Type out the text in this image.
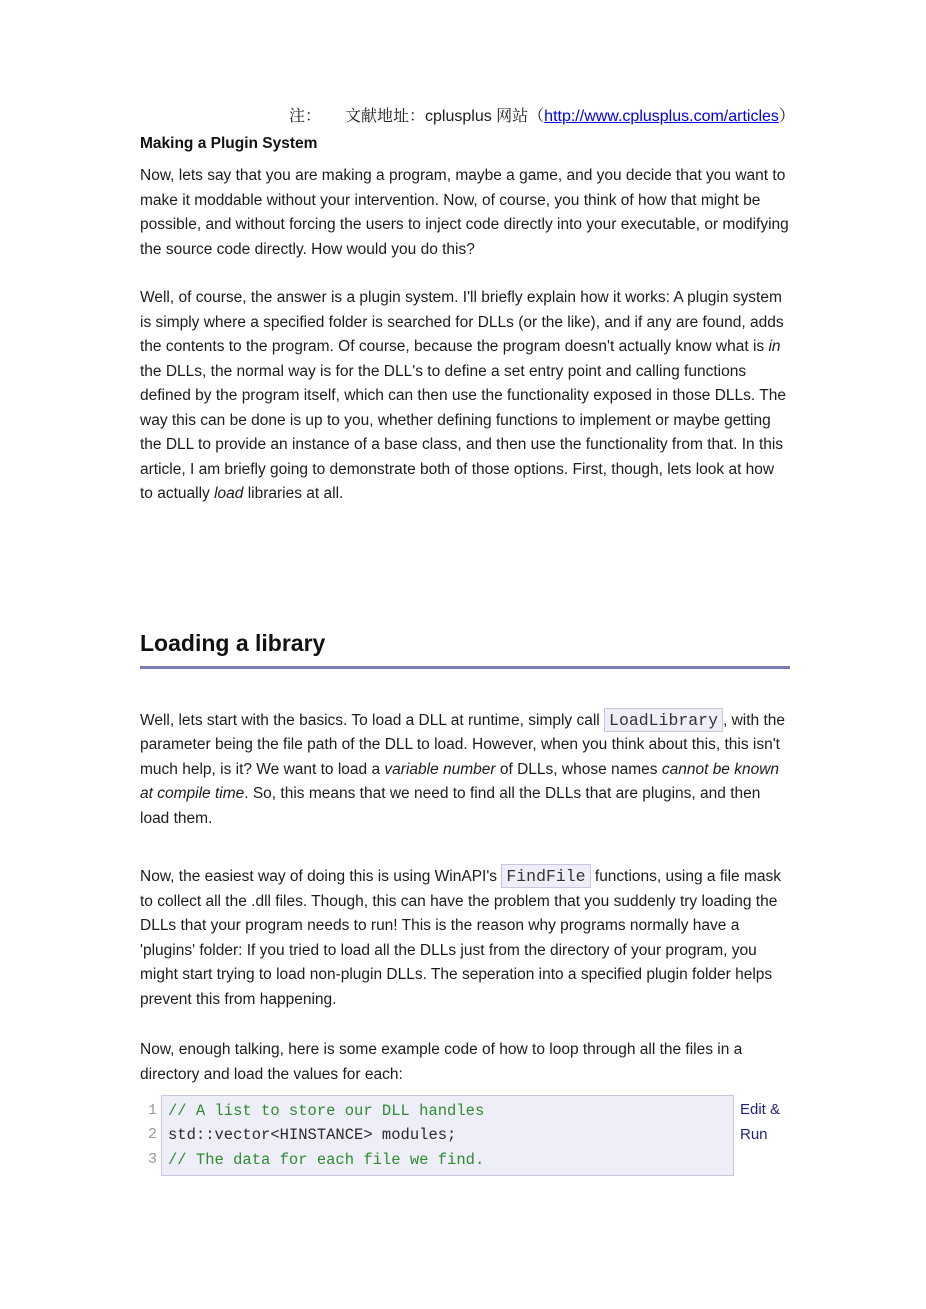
注： 文献地址：cplusplus 网站（http://www.cplusplus.com/articles）
Making a Plugin System

Now, lets say that you are making a program, maybe a game, and you decide that you want to make it moddable without your intervention. Now, of course, you think of how that might be possible, and without forcing the users to inject code directly into your executable, or modifying the source code directly. How would you do this?

Well, of course, the answer is a plugin system. I'll briefly explain how it works: A plugin system is simply where a specified folder is searched for DLLs (or the like), and if any are found, adds the contents to the program. Of course, because the program doesn't actually know what is in the DLLs, the normal way is for the DLL's to define a set entry point and calling functions defined by the program itself, which can then use the functionality exposed in those DLLs. The way this can be done is up to you, whether defining functions to implement or maybe getting the DLL to provide an instance of a base class, and then use the functionality from that. In this article, I am briefly going to demonstrate both of those options. First, though, lets look at how to actually load libraries at all.

Loading a library

Well, lets start with the basics. To load a DLL at runtime, simply call LoadLibrary , with the parameter being the file path of the DLL to load. However, when you think about this, this isn't much help, is it? We want to load a variable number of DLLs, whose names cannot be known at compile time. So, this means that we need to find all the DLLs that are plugins, and then load them.

Now, the easiest way of doing this is using WinAPI's FindFile functions, using a file mask to collect all the .dll files. Though, this can have the problem that you suddenly try loading the DLLs that your program needs to run! This is the reason why programs normally have a 'plugins' folder: If you tried to load all the DLLs just from the directory of your program, you might start trying to load non-plugin DLLs. The seperation into a specified plugin folder helps prevent this from happening.

Now, enough talking, here is some example code of how to loop through all the files in a directory and load the values for each:

1
2
3
// A list to store our DLL handles
std::vector<HINSTANCE> modules;
// The data for each file we find.
Edit & Run
